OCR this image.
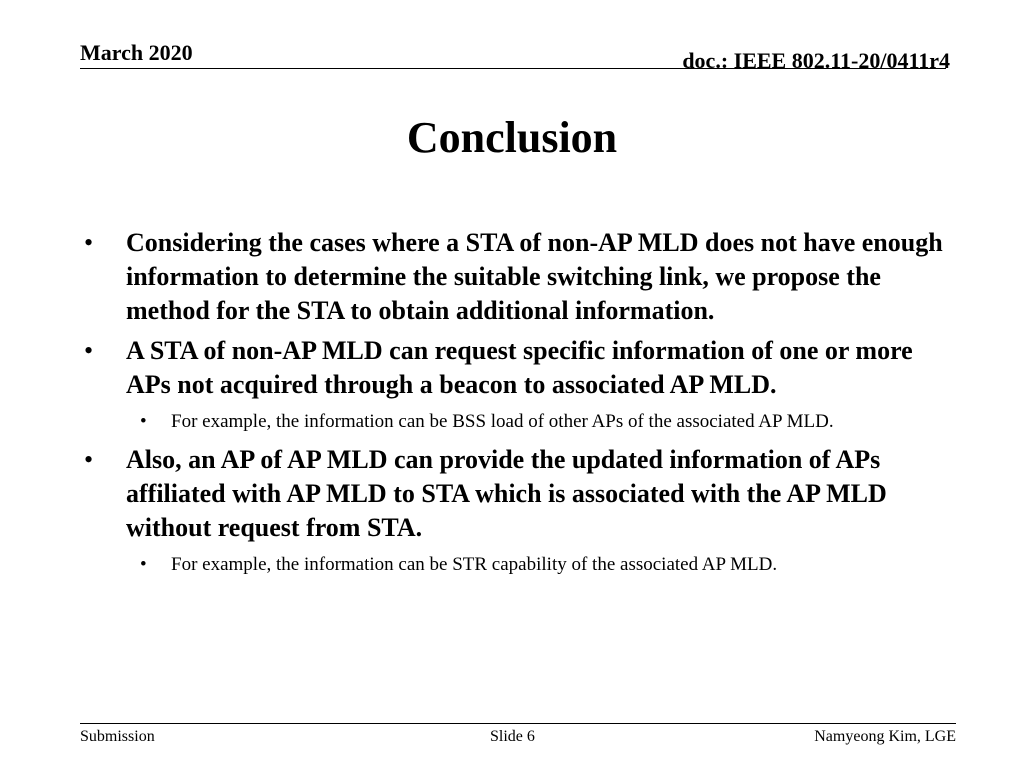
March 2020	doc.: IEEE 802.11-20/0411r4
Conclusion
• Considering the cases where a STA of non-AP MLD does not have enough information to determine the suitable switching link, we propose the method for the STA to obtain additional information.
• A STA of non-AP MLD can request specific information of one or more APs not acquired through a beacon to associated AP MLD.
• For example, the information can be BSS load of other APs of the associated AP MLD.
• Also, an AP of AP MLD can provide the updated information of APs affiliated with AP MLD to STA which is associated with the AP MLD without request from STA.
• For example, the information can be STR capability of the associated AP MLD.
Submission	Slide 6	Namyeong Kim, LGE
